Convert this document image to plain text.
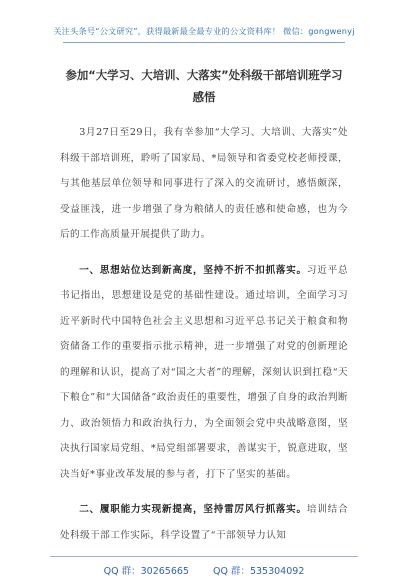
关注头条号“公文研究”，获得最新最全最专业的公文资料库！ 微信：gongwenyj
参加“大学习、大培训、大落实”处科级干部培训班学习
感悟

3月27日至29日，我有幸参加“大学习、大培训、大落实”处科级干部培训班，聆听了国家局、*局领导和省委党校老师授课，与其他基层单位领导和同事进行了深入的交流研讨，感悟颇深，受益匪浅，进一步增强了身为粮储人的责任感和使命感，也为今后的工作高质量开展提供了助力。

一、思想站位达到新高度，坚持不折不扣抓落实。习近平总书记指出，思想建设是党的基础性建设。通过培训，全面学习习近平新时代中国特色社会主义思想和习近平总书记关于粮食和物资储备工作的重要指示批示精神，进一步增强了对党的创新理论的理解和认识，提高了对“国之大者”的理解，深刻认识到扛稳“天下粮仓”和“大国储备”政治责任的重要性，增强了自身的政治判断力、政治领悟力和政治执行力，为全面领会党中央战略意图，坚决执行国家局党组、*局党组部署要求，善谋实干，锐意进取，坚决当好*事业改革发展的参与者，打下了坚实的基础。

二、履职能力实现新提高，坚持雷厉风行抓落实。培训结合处科级干部工作实际，科学设置了“干部领导力认知

QQ 群：30265665	QQ 群：535304092
